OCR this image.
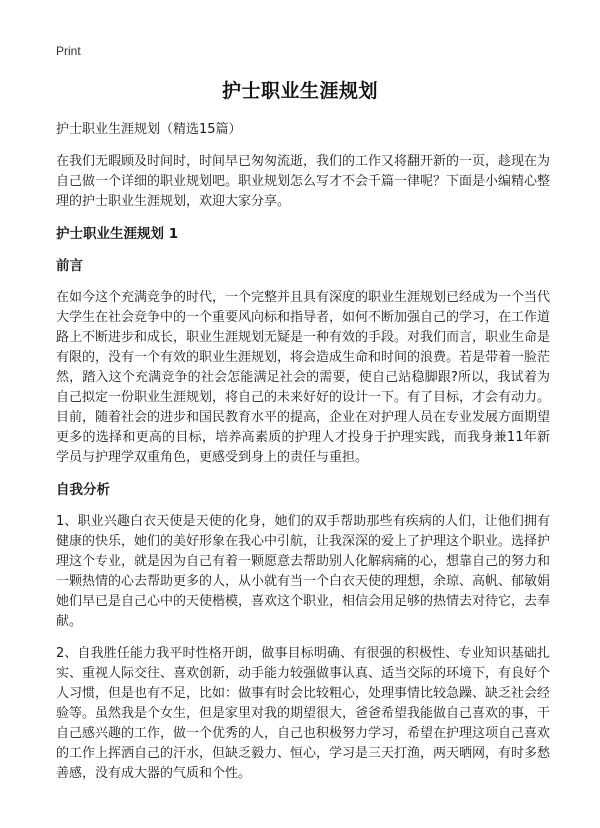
Print
护士职业生涯规划

护士职业生涯规划（精选15篇）

在我们无暇顾及时间时，时间早已匆匆流逝，我们的工作又将翻开新的一页，趁现在为自己做一个详细的职业规划吧。职业规划怎么写才不会千篇一律呢？下面是小编精心整理的护士职业生涯规划，欢迎大家分享。

护士职业生涯规划 1

前言

在如今这个充满竞争的时代，一个完整并且具有深度的职业生涯规划已经成为一个当代大学生在社会竞争中的一个重要风向标和指导者，如何不断加强自己的学习，在工作道路上不断进步和成长，职业生涯规划无疑是一种有效的手段。对我们而言，职业生命是有限的，没有一个有效的职业生涯规划，将会造成生命和时间的浪费。若是带着一脸茫然，踏入这个充满竞争的社会怎能满足社会的需要，使自己站稳脚跟?所以，我试着为自己拟定一份职业生涯规划，将自己的未来好好的设计一下。有了目标，才会有动力。目前，随着社会的进步和国民教育水平的提高，企业在对护理人员在专业发展方面期望更多的选择和更高的目标，培养高素质的护理人才投身于护理实践，而我身兼11年新学员与护理学双重角色，更感受到身上的责任与重担。

自我分析

1、职业兴趣白衣天使是天使的化身，她们的双手帮助那些有疾病的人们，让他们拥有健康的快乐，她们的美好形象在我心中引航，让我深深的爱上了护理这个职业。选择护理这个专业，就是因为自己有着一颗愿意去帮助别人化解病痛的心，想靠自己的努力和一颗热情的心去帮助更多的人，从小就有当一个白衣天使的理想，余琼、高帆、郁敏娟她们早已是自己心中的天使楷模，喜欢这个职业，相信会用足够的热情去对待它，去奉献。

2、自我胜任能力我平时性格开朗，做事目标明确、有很强的积极性、专业知识基础扎实、重视人际交往、喜欢创新，动手能力较强做事认真、适当交际的环境下，有良好个人习惯，但是也有不足，比如：做事有时会比较粗心，处理事情比较急躁、缺乏社会经验等。虽然我是个女生，但是家里对我的期望很大，爸爸希望我能做自己喜欢的事，干自己感兴趣的工作，做一个优秀的人，自己也积极努力学习，希望在护理这项自己喜欢的工作上挥洒自己的汗水，但缺乏毅力、恒心，学习是三天打渔，两天晒网，有时多愁善感，没有成大器的气质和个性。
